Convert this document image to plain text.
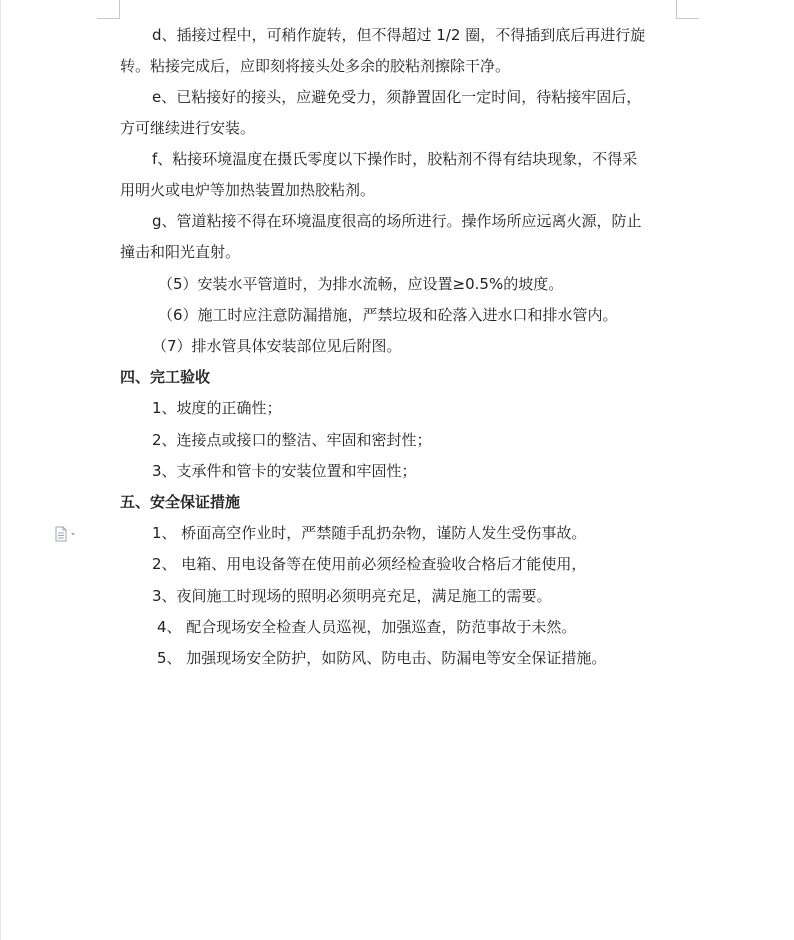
d、插接过程中，可稍作旋转，但不得超过 1/2 圈，不得插到底后再进行旋
转。粘接完成后，应即刻将接头处多余的胶粘剂擦除干净。
e、已粘接好的接头，应避免受力，须静置固化一定时间，待粘接牢固后，
方可继续进行安装。
f、粘接环境温度在摄氏零度以下操作时，胶粘剂不得有结块现象，不得采
用明火或电炉等加热装置加热胶粘剂。
g、管道粘接不得在环境温度很高的场所进行。操作场所应远离火源，防止
撞击和阳光直射。
（5）安装水平管道时，为排水流畅，应设置≥0.5%的坡度。
（6）施工时应注意防漏措施，严禁垃圾和砼落入进水口和排水管内。
（7）排水管具体安装部位见后附图。
四、完工验收
1、坡度的正确性；
2、连接点或接口的整洁、牢固和密封性；
3、支承件和管卡的安装位置和牢固性；
五、安全保证措施
1、 桥面高空作业时，严禁随手乱扔杂物，谨防人发生受伤事故。
2、 电箱、用电设备等在使用前必须经检查验收合格后才能使用，
3、夜间施工时现场的照明必须明亮充足，满足施工的需要。
4、 配合现场安全检查人员巡视，加强巡查，防范事故于未然。
5、 加强现场安全防护，如防风、防电击、防漏电等安全保证措施。
